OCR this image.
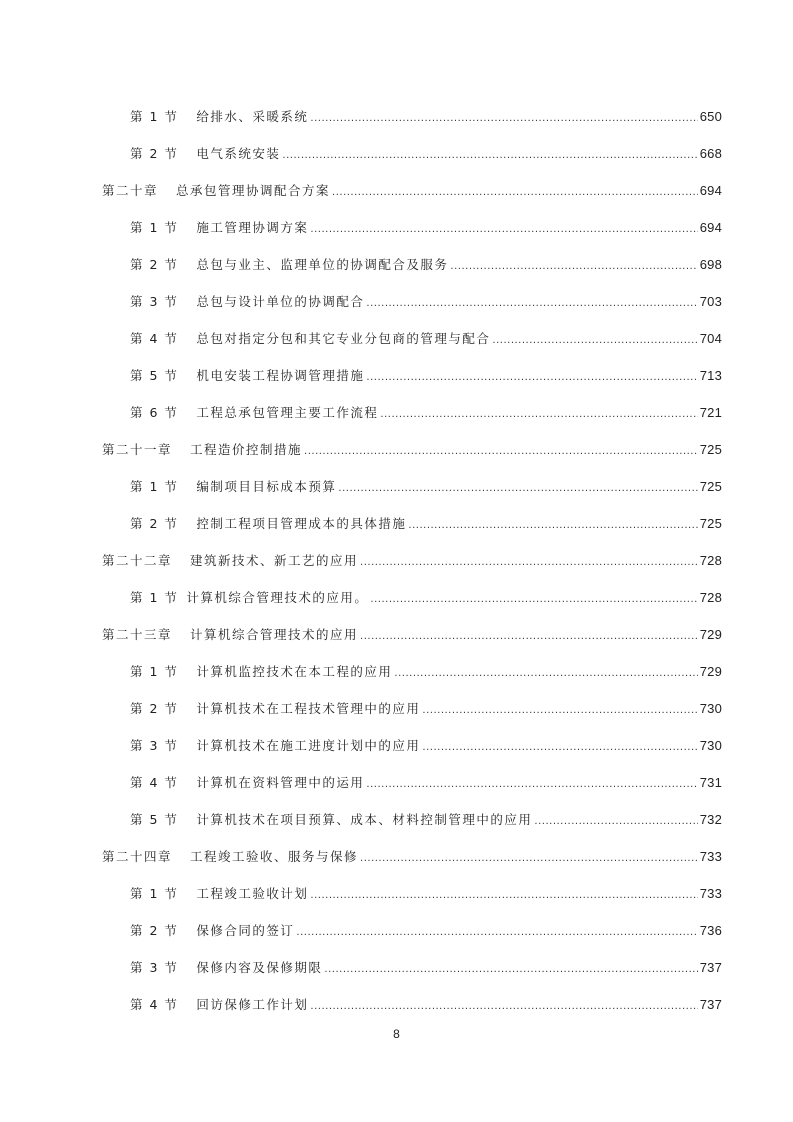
第 1 节 给排水、采暖系统 .....	650
第 2 节 电气系统安装 .....	668
第二十章 总承包管理协调配合方案 .....	694
第 1 节 施工管理协调方案 .....	694
第 2 节 总包与业主、监理单位的协调配合及服务 .....	698
第 3 节 总包与设计单位的协调配合 .....	703
第 4 节 总包对指定分包和其它专业分包商的管理与配合 .....	704
第 5 节 机电安装工程协调管理措施 .....	713
第 6 节 工程总承包管理主要工作流程 .....	721
第二十一章 工程造价控制措施 .....	725
第 1 节 编制项目目标成本预算 .....	725
第 2 节 控制工程项目管理成本的具体措施 .....	725
第二十二章 建筑新技术、新工艺的应用 .....	728
第 1 节 计算机综合管理技术的应用。 .....	728
第二十三章 计算机综合管理技术的应用 .....	729
第 1 节 计算机监控技术在本工程的应用 .....	729
第 2 节 计算机技术在工程技术管理中的应用 .....	730
第 3 节 计算机技术在施工进度计划中的应用 .....	730
第 4 节 计算机在资料管理中的运用 .....	731
第 5 节 计算机技术在项目预算、成本、材料控制管理中的应用 .....	732
第二十四章 工程竣工验收、服务与保修 .....	733
第 1 节 工程竣工验收计划 .....	733
第 2 节 保修合同的签订 .....	736
第 3 节 保修内容及保修期限 .....	737
第 4 节 回访保修工作计划 .....	737
8
